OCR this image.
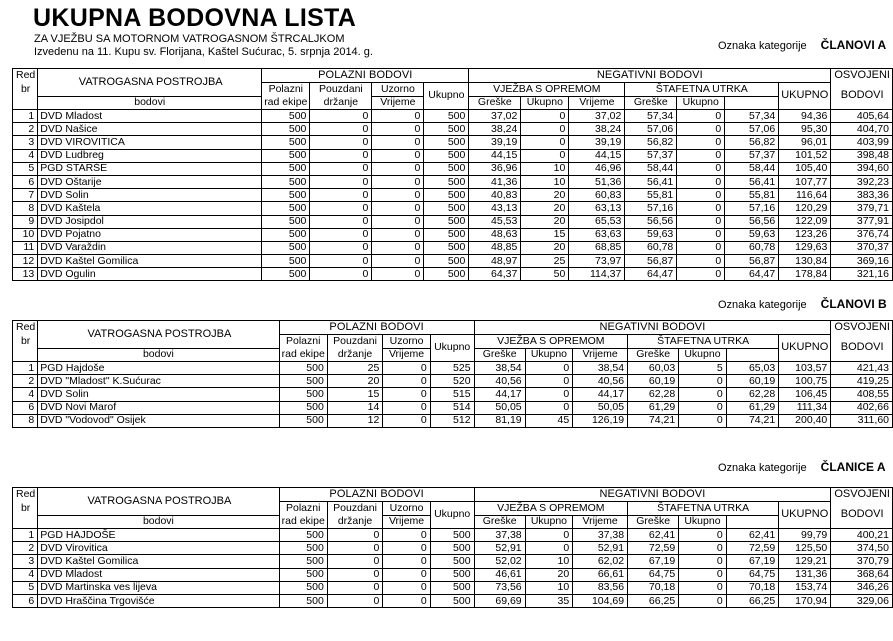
UKUPNA BODOVNA LISTA
ZA VJEŽBU SA MOTORNOM VATROGASNOM ŠTRCALJKOM
Izvedenu na 11. Kupu sv. Florijana, Kaštel Sućurac, 5. srpnja 2014. g.	Oznaka kategorije ČLANOVI A
Red	VATROGASNA POSTROJBA	POLAZNI BODOVI				NEGATIVNI BODOVI							OSVOJENI
br		Polazni	Pouzdani	Uzorno	Ukupno	VJEŽBA S OPREMOM			ŠTAFETNA UTRKA			UKUPNO	BODOVI
	bodovi	rad ekipe	držanje	Vrijeme		Greške	Ukupno	Vrijeme	Greške	Ukupno			
1	DVD Mladost	500	0	0	500	37,02	0	37,02	57,34	0	57,34	94,36	405,64
2	DVD Našice	500	0	0	500	38,24	0	38,24	57,06	0	57,06	95,30	404,70
3	DVD VIROVITICA	500	0	0	500	39,19	0	39,19	56,82	0	56,82	96,01	403,99
4	DVD Ludbreg	500	0	0	500	44,15	0	44,15	57,37	0	57,37	101,52	398,48
5	PGD STARŠE	500	0	0	500	36,96	10	46,96	58,44	0	58,44	105,40	394,60
6	DVD Oštarije	500	0	0	500	41,36	10	51,36	56,41	0	56,41	107,77	392,23
7	DVD Solin	500	0	0	500	40,83	20	60,83	55,81	0	55,81	116,64	383,36
8	DVD Kaštela	500	0	0	500	43,13	20	63,13	57,16	0	57,16	120,29	379,71
9	DVD Josipdol	500	0	0	500	45,53	20	65,53	56,56	0	56,56	122,09	377,91
10	DVD Pojatno	500	0	0	500	48,63	15	63,63	59,63	0	59,63	123,26	376,74
11	DVD Varaždin	500	0	0	500	48,85	20	68,85	60,78	0	60,78	129,63	370,37
12	DVD Kaštel Gomilica	500	0	0	500	48,97	25	73,97	56,87	0	56,87	130,84	369,16
13	DVD Ogulin	500	0	0	500	64,37	50	114,37	64,47	0	64,47	178,84	321,16
Oznaka kategorije ČLANOVI B
Red	VATROGASNA POSTROJBA	POLAZNI BODOVI				NEGATIVNI BODOVI							OSVOJENI
br		Polazni	Pouzdani	Uzorno	Ukupno	VJEŽBA S OPREMOM			ŠTAFETNA UTRKA			UKUPNO	BODOVI
	bodovi	rad ekipe	držanje	Vrijeme		Greške	Ukupno	Vrijeme	Greške	Ukupno			
1	PGD Hajdoše	500	25	0	525	38,54	0	38,54	60,03	5	65,03	103,57	421,43
2	DVD "Mladost" K.Sućurac	500	20	0	520	40,56	0	40,56	60,19	0	60,19	100,75	419,25
4	DVD Solin	500	15	0	515	44,17	0	44,17	62,28	0	62,28	106,45	408,55
6	DVD Novi Marof	500	14	0	514	50,05	0	50,05	61,29	0	61,29	111,34	402,66
8	DVD "Vodovod" Osijek	500	12	0	512	81,19	45	126,19	74,21	0	74,21	200,40	311,60
Oznaka kategorije ČLANICE A
Red	VATROGASNA POSTROJBA	POLAZNI BODOVI				NEGATIVNI BODOVI							OSVOJENI
br		Polazni	Pouzdani	Uzorno	Ukupno	VJEŽBA S OPREMOM			ŠTAFETNA UTRKA			UKUPNO	BODOVI
	bodovi	rad ekipe	držanje	Vrijeme		Greške	Ukupno	Vrijeme	Greške	Ukupno			
1	PGD HAJDOŠE	500	0	0	500	37,38	0	37,38	62,41	0	62,41	99,79	400,21
2	DVD Virovitica	500	0	0	500	52,91	0	52,91	72,59	0	72,59	125,50	374,50
3	DVD Kaštel Gomilica	500	0	0	500	52,02	10	62,02	67,19	0	67,19	129,21	370,79
4	DVD Mladost	500	0	0	500	46,61	20	66,61	64,75	0	64,75	131,36	368,64
5	DVD Martinska ves lijeva	500	0	0	500	73,56	10	83,56	70,18	0	70,18	153,74	346,26
6	DVD Hraščina Trgovišće	500	0	0	500	69,69	35	104,69	66,25	0	66,25	170,94	329,06
